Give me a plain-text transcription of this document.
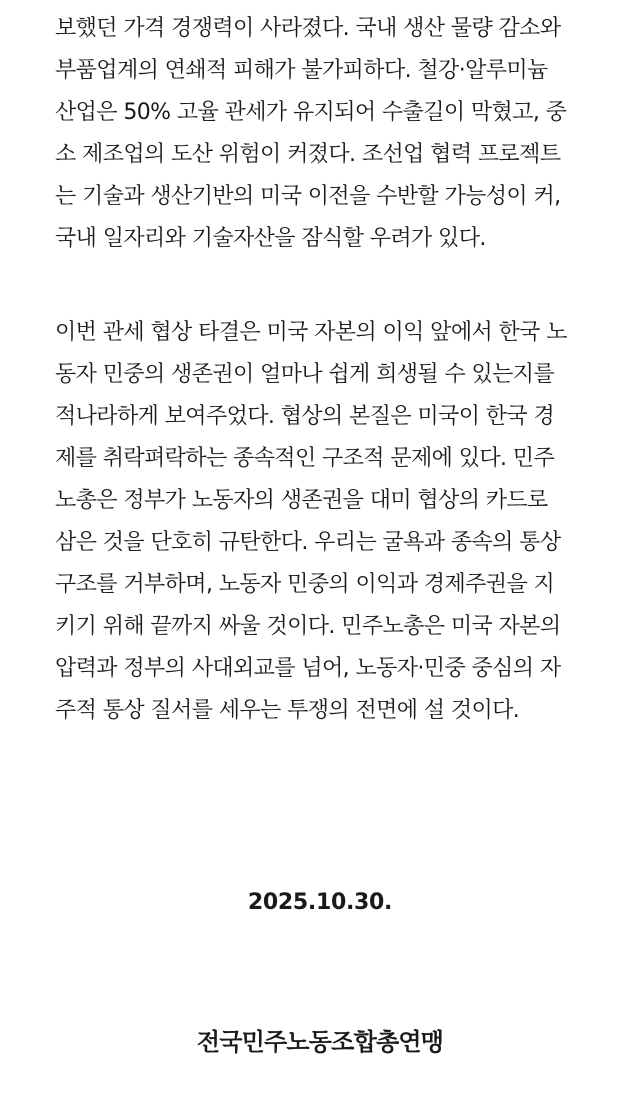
보했던 가격 경쟁력이 사라졌다. 국내 생산 물량 감소와
부품업계의 연쇄적 피해가 불가피하다. 철강·알루미늄
산업은 50% 고율 관세가 유지되어 수출길이 막혔고, 중
소 제조업의 도산 위험이 커졌다. 조선업 협력 프로젝트
는 기술과 생산기반의 미국 이전을 수반할 가능성이 커,
국내 일자리와 기술자산을 잠식할 우려가 있다.
이번 관세 협상 타결은 미국 자본의 이익 앞에서 한국 노
동자 민중의 생존권이 얼마나 쉽게 희생될 수 있는지를
적나라하게 보여주었다. 협상의 본질은 미국이 한국 경
제를 취락펴락하는 종속적인 구조적 문제에 있다. 민주
노총은 정부가 노동자의 생존권을 대미 협상의 카드로
삼은 것을 단호히 규탄한다. 우리는 굴욕과 종속의 통상
구조를 거부하며, 노동자 민중의 이익과 경제주권을 지
키기 위해 끝까지 싸울 것이다. 민주노총은 미국 자본의
압력과 정부의 사대외교를 넘어, 노동자·민중 중심의 자
주적 통상 질서를 세우는 투쟁의 전면에 설 것이다.
2025.10.30.
전국민주노동조합총연맹
